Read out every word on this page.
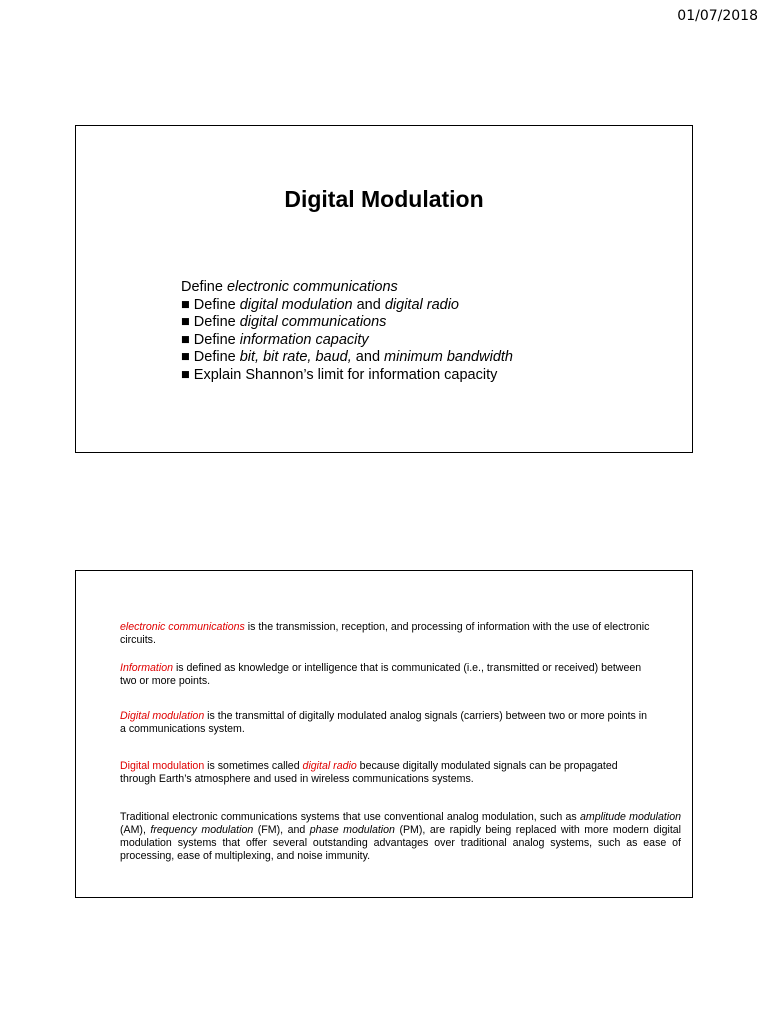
01/07/2018
Digital Modulation
Define electronic communications
■ Define digital modulation and digital radio
■ Define digital communications
■ Define information capacity
■ Define bit, bit rate, baud, and minimum bandwidth
■ Explain Shannon’s limit for information capacity
electronic communications is the transmission, reception, and processing of information with the use of electronic circuits.
Information is defined as knowledge or intelligence that is communicated (i.e., transmitted or received) between two or more points.
Digital modulation is the transmittal of digitally modulated analog signals (carriers) between two or more points in a communications system.
Digital modulation is sometimes called digital radio because digitally modulated signals can be propagated through Earth’s atmosphere and used in wireless communications systems.
Traditional electronic communications systems that use conventional analog modulation, such as amplitude modulation (AM), frequency modulation (FM), and phase modulation (PM), are rapidly being replaced with more modern digital modulation systems that offer several outstanding advantages over traditional analog systems, such as ease of processing, ease of multiplexing, and noise immunity.
